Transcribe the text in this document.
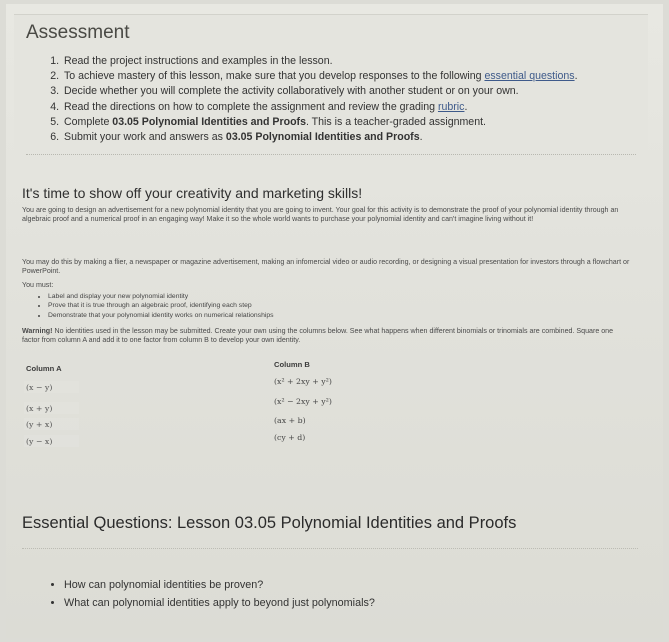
Assessment
1. Read the project instructions and examples in the lesson.
2. To achieve mastery of this lesson, make sure that you develop responses to the following essential questions.
3. Decide whether you will complete the activity collaboratively with another student or on your own.
4. Read the directions on how to complete the assignment and review the grading rubric.
5. Complete 03.05 Polynomial Identities and Proofs. This is a teacher-graded assignment.
6. Submit your work and answers as 03.05 Polynomial Identities and Proofs.
It's time to show off your creativity and marketing skills!

You are going to design an advertisement for a new polynomial identity that you are going to invent. Your goal for this activity is to demonstrate the proof of your polynomial identity through an algebraic proof and a numerical proof in an engaging way! Make it so the whole world wants to purchase your polynomial identity and can't imagine living without it!

You may do this by making a flier, a newspaper or magazine advertisement, making an infomercial video or audio recording, or designing a visual presentation for investors through a flowchart or PowerPoint.

You must:

• Label and display your new polynomial identity
• Prove that it is true through an algebraic proof, identifying each step
• Demonstrate that your polynomial identity works on numerical relationships

Warning! No identities used in the lesson may be submitted. Create your own using the columns below. See what happens when different binomials or trinomials are combined. Square one factor from column A and add it to one factor from column B to develop your own identity.

Column A	Column B
(x − y)
(x + y)
(y + x)
(y − x)
(x² + 2xy + y²)
(x² − 2xy + y²)
(ax + b)
(cy + d)
Essential Questions: Lesson 03.05 Polynomial Identities and Proofs
• How can polynomial identities be proven?
• What can polynomial identities apply to beyond just polynomials?
